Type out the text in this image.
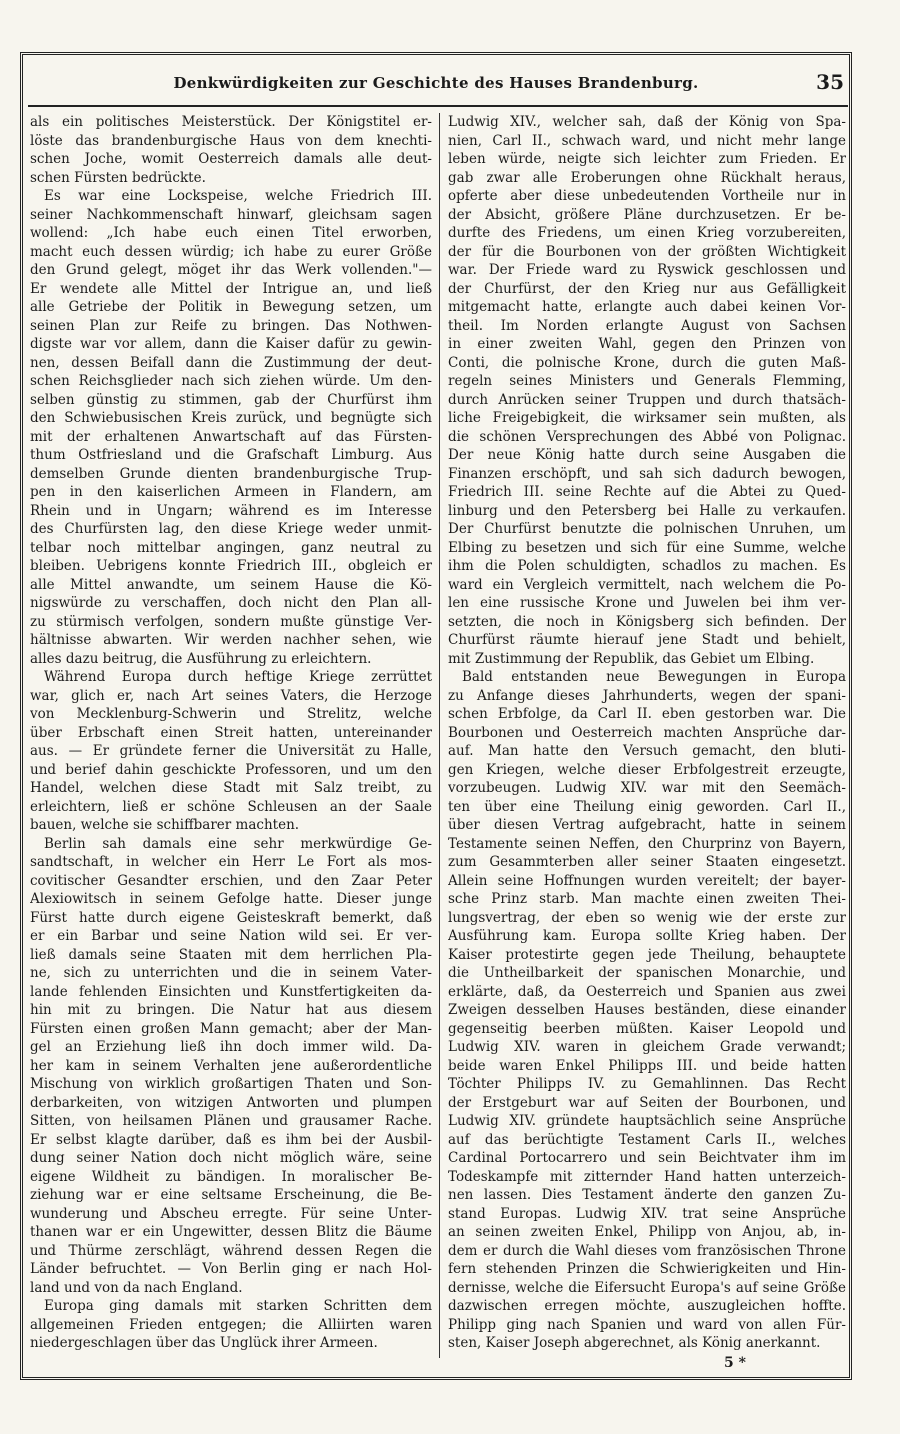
Denkwürdigkeiten zur Geschichte des Hauses Brandenburg.	35
als ein politisches Meisterstück. Der Königstitel er-
löste das brandenburgische Haus von dem knechti-
schen Joche, womit Oesterreich damals alle deut-
schen Fürsten bedrückte.
Es war eine Lockspeise, welche Friedrich III.
seiner Nachkommenschaft hinwarf, gleichsam sagen
wollend: „Ich habe euch einen Titel erworben,
macht euch dessen würdig; ich habe zu eurer Größe
den Grund gelegt, möget ihr das Werk vollenden."—
Er wendete alle Mittel der Intrigue an, und ließ
alle Getriebe der Politik in Bewegung setzen, um
seinen Plan zur Reife zu bringen. Das Nothwen-
digste war vor allem, dann die Kaiser dafür zu gewin-
nen, dessen Beifall dann die Zustimmung der deut-
schen Reichsglieder nach sich ziehen würde. Um den-
selben günstig zu stimmen, gab der Churfürst ihm
den Schwiebusischen Kreis zurück, und begnügte sich
mit der erhaltenen Anwartschaft auf das Fürsten-
thum Ostfriesland und die Grafschaft Limburg. Aus
demselben Grunde dienten brandenburgische Trup-
pen in den kaiserlichen Armeen in Flandern, am
Rhein und in Ungarn; während es im Interesse
des Churfürsten lag, den diese Kriege weder unmit-
telbar noch mittelbar angingen, ganz neutral zu
bleiben. Uebrigens konnte Friedrich III., obgleich er
alle Mittel anwandte, um seinem Hause die Kö-
nigswürde zu verschaffen, doch nicht den Plan all-
zu stürmisch verfolgen, sondern mußte günstige Ver-
hältnisse abwarten. Wir werden nachher sehen, wie
alles dazu beitrug, die Ausführung zu erleichtern.
Während Europa durch heftige Kriege zerrüttet
war, glich er, nach Art seines Vaters, die Herzoge
von Mecklenburg-Schwerin und Strelitz, welche
über Erbschaft einen Streit hatten, untereinander
aus. — Er gründete ferner die Universität zu Halle,
und berief dahin geschickte Professoren, und um den
Handel, welchen diese Stadt mit Salz treibt, zu
erleichtern, ließ er schöne Schleusen an der Saale
bauen, welche sie schiffbarer machten.
Berlin sah damals eine sehr merkwürdige Ge-
sandtschaft, in welcher ein Herr Le Fort als mos-
covitischer Gesandter erschien, und den Zaar Peter
Alexiowitsch in seinem Gefolge hatte. Dieser junge
Fürst hatte durch eigene Geisteskraft bemerkt, daß
er ein Barbar und seine Nation wild sei. Er ver-
ließ damals seine Staaten mit dem herrlichen Pla-
ne, sich zu unterrichten und die in seinem Vater-
lande fehlenden Einsichten und Kunstfertigkeiten da-
hin mit zu bringen. Die Natur hat aus diesem
Fürsten einen großen Mann gemacht; aber der Man-
gel an Erziehung ließ ihn doch immer wild. Da-
her kam in seinem Verhalten jene außerordentliche
Mischung von wirklich großartigen Thaten und Son-
derbarkeiten, von witzigen Antworten und plumpen
Sitten, von heilsamen Plänen und grausamer Rache.
Er selbst klagte darüber, daß es ihm bei der Ausbil-
dung seiner Nation doch nicht möglich wäre, seine
eigene Wildheit zu bändigen. In moralischer Be-
ziehung war er eine seltsame Erscheinung, die Be-
wunderung und Abscheu erregte. Für seine Unter-
thanen war er ein Ungewitter, dessen Blitz die Bäume
und Thürme zerschlägt, während dessen Regen die
Länder befruchtet. — Von Berlin ging er nach Hol-
land und von da nach England.
Europa ging damals mit starken Schritten dem
allgemeinen Frieden entgegen; die Alliirten waren
niedergeschlagen über das Unglück ihrer Armeen.
Ludwig XIV., welcher sah, daß der König von Spa-
nien, Carl II., schwach ward, und nicht mehr lange
leben würde, neigte sich leichter zum Frieden. Er
gab zwar alle Eroberungen ohne Rückhalt heraus,
opferte aber diese unbedeutenden Vortheile nur in
der Absicht, größere Pläne durchzusetzen. Er be-
durfte des Friedens, um einen Krieg vorzubereiten,
der für die Bourbonen von der größten Wichtigkeit
war. Der Friede ward zu Ryswick geschlossen und
der Churfürst, der den Krieg nur aus Gefälligkeit
mitgemacht hatte, erlangte auch dabei keinen Vor-
theil. Im Norden erlangte August von Sachsen
in einer zweiten Wahl, gegen den Prinzen von
Conti, die polnische Krone, durch die guten Maß-
regeln seines Ministers und Generals Flemming,
durch Anrücken seiner Truppen und durch thatsäch-
liche Freigebigkeit, die wirksamer sein mußten, als
die schönen Versprechungen des Abbé von Polignac.
Der neue König hatte durch seine Ausgaben die
Finanzen erschöpft, und sah sich dadurch bewogen,
Friedrich III. seine Rechte auf die Abtei zu Qued-
linburg und den Petersberg bei Halle zu verkaufen.
Der Churfürst benutzte die polnischen Unruhen, um
Elbing zu besetzen und sich für eine Summe, welche
ihm die Polen schuldigten, schadlos zu machen. Es
ward ein Vergleich vermittelt, nach welchem die Po-
len eine russische Krone und Juwelen bei ihm ver-
setzten, die noch in Königsberg sich befinden. Der
Churfürst räumte hierauf jene Stadt und behielt,
mit Zustimmung der Republik, das Gebiet um Elbing.
Bald entstanden neue Bewegungen in Europa
zu Anfange dieses Jahrhunderts, wegen der spani-
schen Erbfolge, da Carl II. eben gestorben war. Die
Bourbonen und Oesterreich machten Ansprüche dar-
auf. Man hatte den Versuch gemacht, den bluti-
gen Kriegen, welche dieser Erbfolgestreit erzeugte,
vorzubeugen. Ludwig XIV. war mit den Seemäch-
ten über eine Theilung einig geworden. Carl II.,
über diesen Vertrag aufgebracht, hatte in seinem
Testamente seinen Neffen, den Churprinz von Bayern,
zum Gesammterben aller seiner Staaten eingesetzt.
Allein seine Hoffnungen wurden vereitelt; der bayer-
sche Prinz starb. Man machte einen zweiten Thei-
lungsvertrag, der eben so wenig wie der erste zur
Ausführung kam. Europa sollte Krieg haben. Der
Kaiser protestirte gegen jede Theilung, behauptete
die Untheilbarkeit der spanischen Monarchie, und
erklärte, daß, da Oesterreich und Spanien aus zwei
Zweigen desselben Hauses beständen, diese einander
gegenseitig beerben müßten. Kaiser Leopold und
Ludwig XIV. waren in gleichem Grade verwandt;
beide waren Enkel Philipps III. und beide hatten
Töchter Philipps IV. zu Gemahlinnen. Das Recht
der Erstgeburt war auf Seiten der Bourbonen, und
Ludwig XIV. gründete hauptsächlich seine Ansprüche
auf das berüchtigte Testament Carls II., welches
Cardinal Portocarrero und sein Beichtvater ihm im
Todeskampfe mit zitternder Hand hatten unterzeich-
nen lassen. Dies Testament änderte den ganzen Zu-
stand Europas. Ludwig XIV. trat seine Ansprüche
an seinen zweiten Enkel, Philipp von Anjou, ab, in-
dem er durch die Wahl dieses vom französischen Throne
fern stehenden Prinzen die Schwierigkeiten und Hin-
dernisse, welche die Eifersucht Europa's auf seine Größe
dazwischen erregen möchte, auszugleichen hoffte.
Philipp ging nach Spanien und ward von allen Für-
sten, Kaiser Joseph abgerechnet, als König anerkannt.
5 *
